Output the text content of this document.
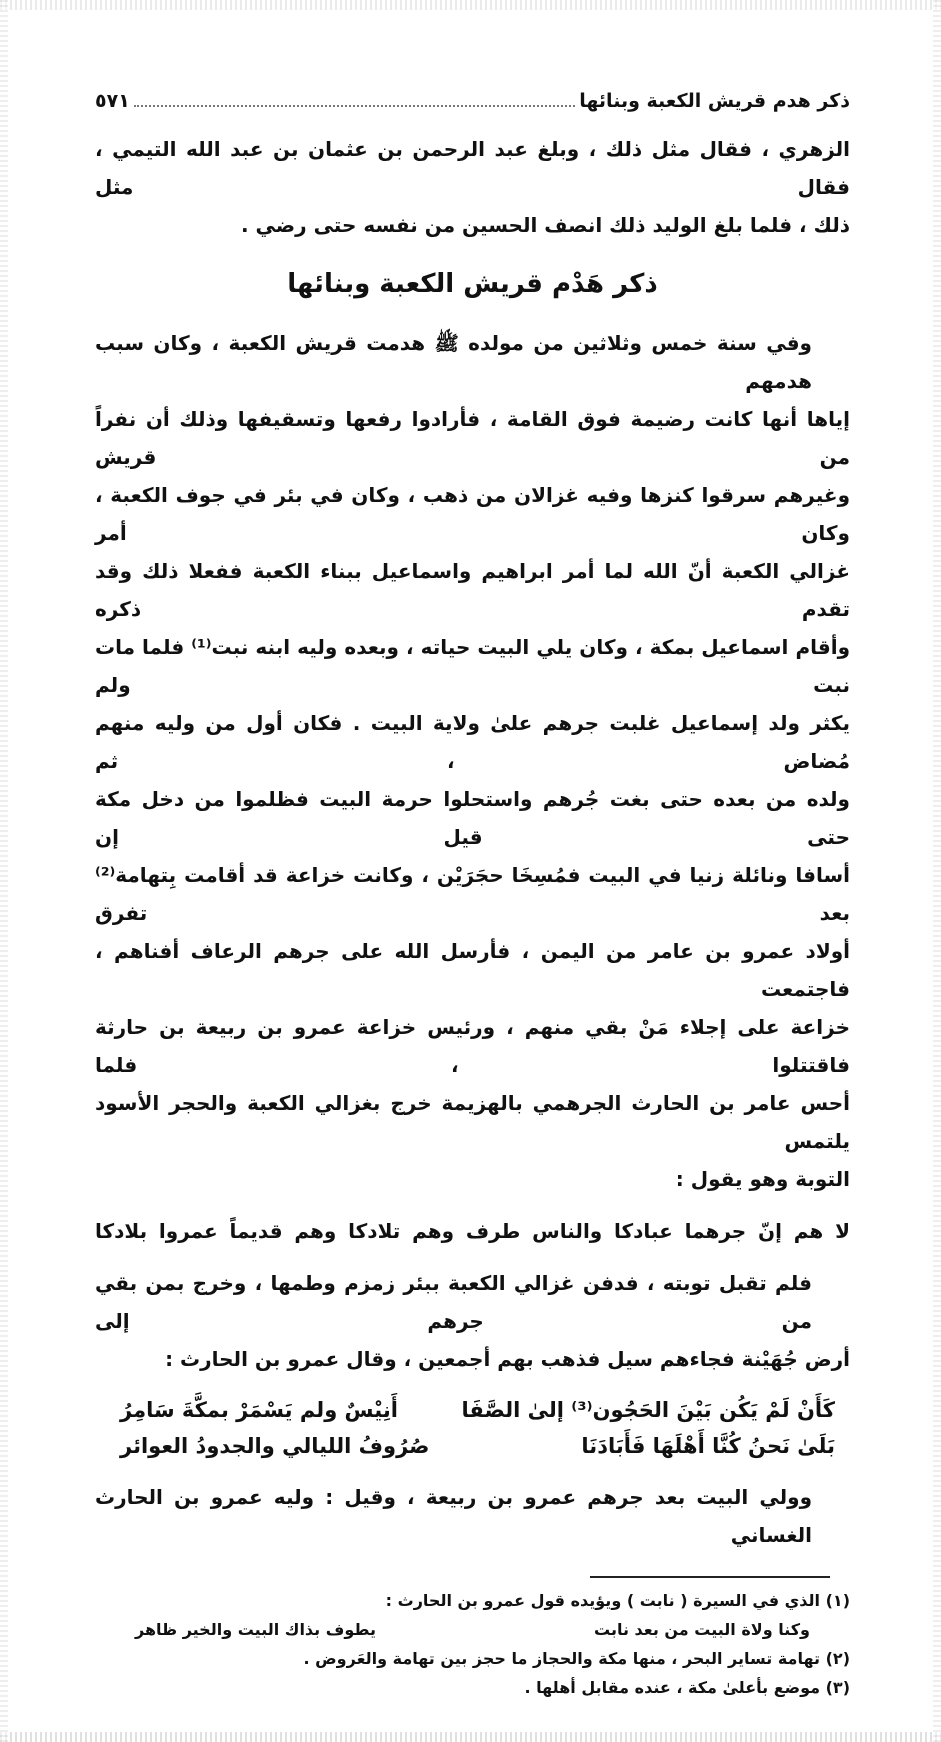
ذكر هدم قريش الكعبة وبنائها
٥٧١
الزهري ، فقال مثل ذلك ، وبلغ عبد الرحمن بن عثمان بن عبد الله التيمي ، فقال مثل
ذلك ، فلما بلغ الوليد ذلك انصف الحسين من نفسه حتى رضي .
ذكر هَدْم قريش الكعبة وبنائها
وفي سنة خمس وثلاثين من مولده ﷺ هدمت قريش الكعبة ، وكان سبب هدمهم
إياها أنها كانت رضيمة فوق القامة ، فأرادوا رفعها وتسقيفها وذلك أن نفراً من قريش
وغيرهم سرقوا كنزها وفيه غزالان من ذهب ، وكان في بئر في جوف الكعبة ، وكان أمر
غزالي الكعبة أنّ الله لما أمر ابراهيم واسماعيل ببناء الكعبة ففعلا ذلك وقد تقدم ذكره
وأقام اسماعيل بمكة ، وكان يلي البيت حياته ، وبعده وليه ابنه نبت⁽¹⁾ فلما مات نبت ولم
يكثر ولد إسماعيل غلبت جرهم علىٰ ولاية البيت . فكان أول من وليه منهم مُضاض ، ثم
ولده من بعده حتى بغت جُرهم واستحلوا حرمة البيت فظلموا من دخل مكة حتى قيل إن
أسافا ونائلة زنيا في البيت فمُسِخَا حجَرَيْن ، وكانت خزاعة قد أقامت بِتهامة⁽²⁾ بعد تفرق
أولاد عمرو بن عامر من اليمن ، فأرسل الله على جرهم الرعاف أفناهم ، فاجتمعت
خزاعة على إجلاء مَنْ بقي منهم ، ورئيس خزاعة عمرو بن ربيعة بن حارثة فاقتتلوا ، فلما
أحس عامر بن الحارث الجرهمي بالهزيمة خرج بغزالي الكعبة والحجر الأسود يلتمس
التوبة وهو يقول :
لا هم إنّ جرهما عبادكا والناس طرف وهم تلادكا وهم قديماً عمروا بلادكا
فلم تقبل توبته ، فدفن غزالي الكعبة ببئر زمزم وطمها ، وخرج بمن بقي من جرهم إلى
أرض جُهَيْنة فجاءهم سيل فذهب بهم أجمعين ، وقال عمرو بن الحارث :
كَأَنْ لَمْ يَكُن بَيْنَ الحَجُون⁽³⁾ إلىٰ الصَّفَا
أَنِيْسٌ ولم يَسْمَرْ بمكَّةَ سَامِرُ
بَلَىٰ نَحنُ كُنَّا أَهْلَهَا فَأَبَادَنَا
صُرُوفُ الليالي والجدودُ العوائر
وولي البيت بعد جرهم عمرو بن ربيعة ، وقيل : وليه عمرو بن الحارث الغساني
(١) الذي في السيرة ( نابت ) ويؤيده قول عمرو بن الحارث :
وكنا ولاة البيت من بعد نابت
يطوف بذاك البيت والخير ظاهر
(٢) تهامة تساير البحر ، منها مكة والحجاز ما حجز بين تهامة والعَروض .
(٣) موضع بأعلىٰ مكة ، عنده مقابل أهلها .
